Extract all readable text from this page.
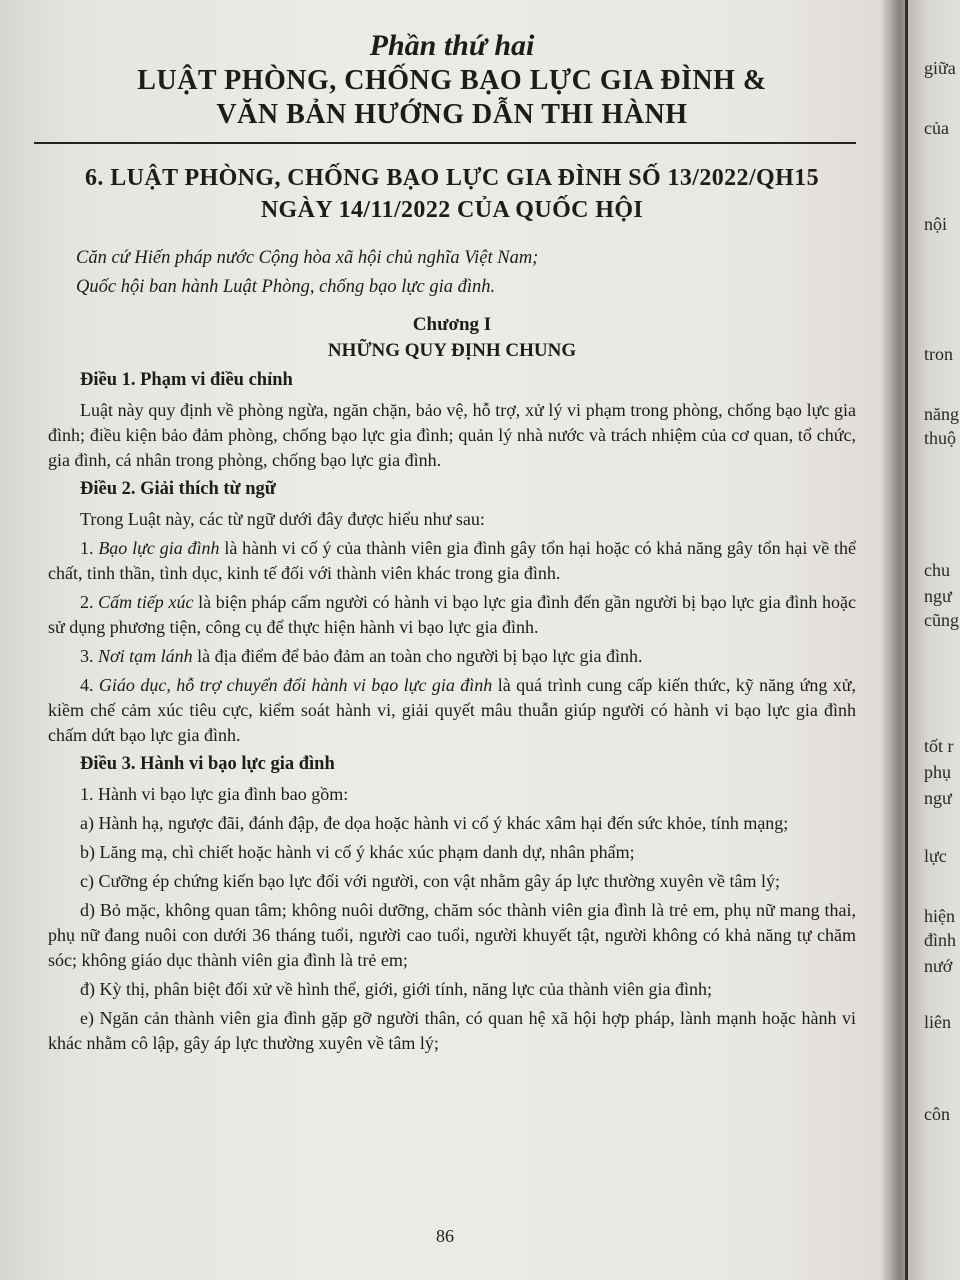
Phần thứ hai

LUẬT PHÒNG, CHỐNG BẠO LỰC GIA ĐÌNH &

VĂN BẢN HƯỚNG DẪN THI HÀNH

6. LUẬT PHÒNG, CHỐNG BẠO LỰC GIA ĐÌNH SỐ 13/2022/QH15
NGÀY 14/11/2022 CỦA QUỐC HỘI

Căn cứ Hiến pháp nước Cộng hòa xã hội chủ nghĩa Việt Nam;

Quốc hội ban hành Luật Phòng, chống bạo lực gia đình.

Chương I

NHỮNG QUY ĐỊNH CHUNG

Điều 1. Phạm vi điều chỉnh

Luật này quy định về phòng ngừa, ngăn chặn, bảo vệ, hỗ trợ, xử lý vi phạm trong phòng, chống bạo lực gia đình; điều kiện bảo đảm phòng, chống bạo lực gia đình; quản lý nhà nước và trách nhiệm của cơ quan, tổ chức, gia đình, cá nhân trong phòng, chống bạo lực gia đình.

Điều 2. Giải thích từ ngữ

Trong Luật này, các từ ngữ dưới đây được hiểu như sau:

1. Bạo lực gia đình là hành vi cố ý của thành viên gia đình gây tổn hại hoặc có khả năng gây tổn hại về thể chất, tinh thần, tình dục, kinh tế đối với thành viên khác trong gia đình.

2. Cấm tiếp xúc là biện pháp cấm người có hành vi bạo lực gia đình đến gần người bị bạo lực gia đình hoặc sử dụng phương tiện, công cụ để thực hiện hành vi bạo lực gia đình.

3. Nơi tạm lánh là địa điểm để bảo đảm an toàn cho người bị bạo lực gia đình.

4. Giáo dục, hỗ trợ chuyển đổi hành vi bạo lực gia đình là quá trình cung cấp kiến thức, kỹ năng ứng xử, kiềm chế cảm xúc tiêu cực, kiểm soát hành vi, giải quyết mâu thuẫn giúp người có hành vi bạo lực gia đình chấm dứt bạo lực gia đình.

Điều 3. Hành vi bạo lực gia đình

1. Hành vi bạo lực gia đình bao gồm:

a) Hành hạ, ngược đãi, đánh đập, đe dọa hoặc hành vi cố ý khác xâm hại đến sức khỏe, tính mạng;

b) Lăng mạ, chì chiết hoặc hành vi cố ý khác xúc phạm danh dự, nhân phẩm;

c) Cưỡng ép chứng kiến bạo lực đối với người, con vật nhằm gây áp lực thường xuyên về tâm lý;

d) Bỏ mặc, không quan tâm; không nuôi dưỡng, chăm sóc thành viên gia đình là trẻ em, phụ nữ mang thai, phụ nữ đang nuôi con dưới 36 tháng tuổi, người cao tuổi, người khuyết tật, người không có khả năng tự chăm sóc; không giáo dục thành viên gia đình là trẻ em;

đ) Kỳ thị, phân biệt đối xử về hình thể, giới, giới tính, năng lực của thành viên gia đình;

e) Ngăn cản thành viên gia đình gặp gỡ người thân, có quan hệ xã hội hợp pháp, lành mạnh hoặc hành vi khác nhằm cô lập, gây áp lực thường xuyên về tâm lý;

86
giữa
của
nội
tron
năng
thuộ
chu
ngư
cũng
tốt r
phụ
ngư
lực
hiện
đình
nướ
liên
côn
